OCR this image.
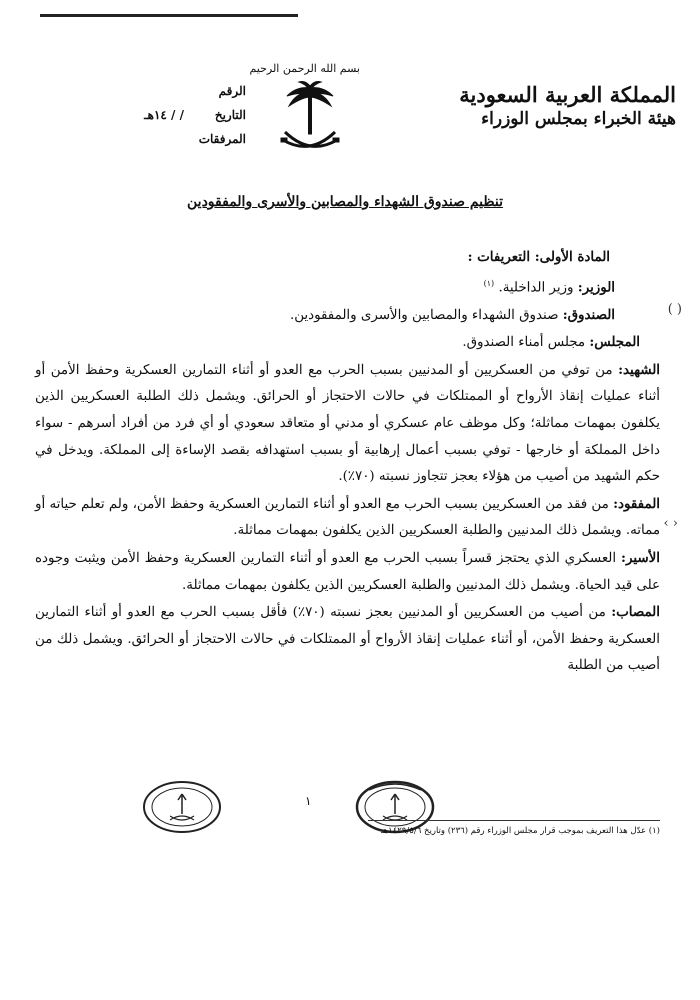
المملكة العربية السعودية
هيئة الخبراء بمجلس الوزراء
بسم الله الرحمن الرحيم
الرقم
التاريخ
/ / ١٤هـ
المرفقات
تنظيم صندوق الشهداء والمصابين والأسرى والمفقودين

المادة الأولى: التعريفات :

الوزير: وزير الداخلية. $^{(١)}$

الصندوق: صندوق الشهداء والمصابين والأسرى والمفقودين.

المجلس: مجلس أمناء الصندوق.

الشهيد: من توفي من العسكريين أو المدنيين بسبب الحرب مع العدو أو أثناء التمارين العسكرية وحفظ الأمن أو أثناء عمليات إنقاذ الأرواح أو الممتلكات في حالات الاحتجاز أو الحرائق. ويشمل ذلك الطلبة العسكريين الذين يكلفون بمهمات مماثلة؛ وكل موظف عام عسكري أو مدني أو متعاقد سعودي أو أي فرد من أفراد أسرهم - سواء داخل المملكة أو خارجها - توفي بسبب أعمال إرهابية أو بسبب استهدافه بقصد الإساءة إلى المملكة. ويدخل في حكم الشهيد من أصيب من هؤلاء بعجز تتجاوز نسبته (٧٠٪).

المفقود: من فقد من العسكريين بسبب الحرب مع العدو أو أثناء التمارين العسكرية وحفظ الأمن، ولم تعلم حياته أو مماته. ويشمل ذلك المدنيين والطلبة العسكريين الذين يكلفون بمهمات مماثلة.

الأسير: العسكري الذي يحتجز قسراً بسبب الحرب مع العدو أو أثناء التمارين العسكرية وحفظ الأمن ويثبت وجوده على قيد الحياة. ويشمل ذلك المدنيين والطلبة العسكريين الذين يكلفون بمهمات مماثلة.

المصاب: من أصيب من العسكريين أو المدنيين بعجز نسبته (٧٠٪) فأقل بسبب الحرب مع العدو أو أثناء التمارين العسكرية وحفظ الأمن، أو أثناء عمليات إنقاذ الأرواح أو الممتلكات في حالات الاحتجاز أو الحرائق. ويشمل ذلك من أصيب من الطلبة

( )
‹ ›
١
(١) عدّل هذا التعريف بموجب قرار مجلس الوزراء رقم (٢٣٦) وتاريخ ١٤٢٩/٥/٦هـ
